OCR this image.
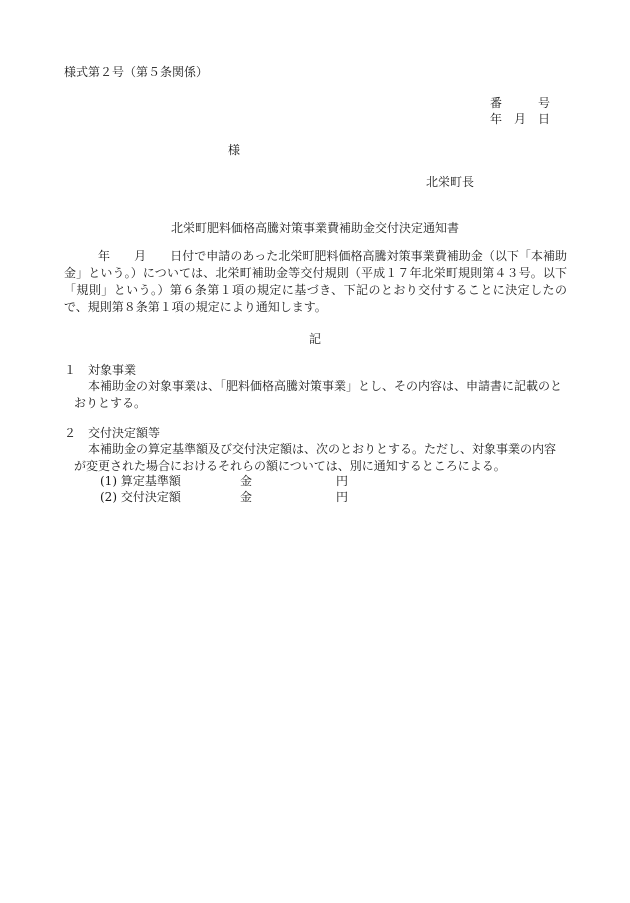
様式第２号（第５条関係）
番	号
年 月 日
様
北栄町長
北栄町肥料価格高騰対策事業費補助金交付決定通知書

年　　月　　日付で申請のあった北栄町肥料価格高騰対策事業費補助金（以下「本補助金」という。）については、北栄町補助金等交付規則（平成１７年北栄町規則第４３号。以下「規則」という。）第６条第１項の規定に基づき、下記のとおり交付することに決定したので、規則第８条第１項の規定により通知します。

記
１ 対象事業

本補助金の対象事業は、「肥料価格高騰対策事業」とし、その内容は、申請書に記載のとおりとする。

２ 交付決定額等

本補助金の算定基準額及び交付決定額は、次のとおりとする。ただし、対象事業の内容が変更された場合におけるそれらの額については、別に通知するところによる。

(1) 算定基準額	金	円
(2) 交付決定額	金	円
